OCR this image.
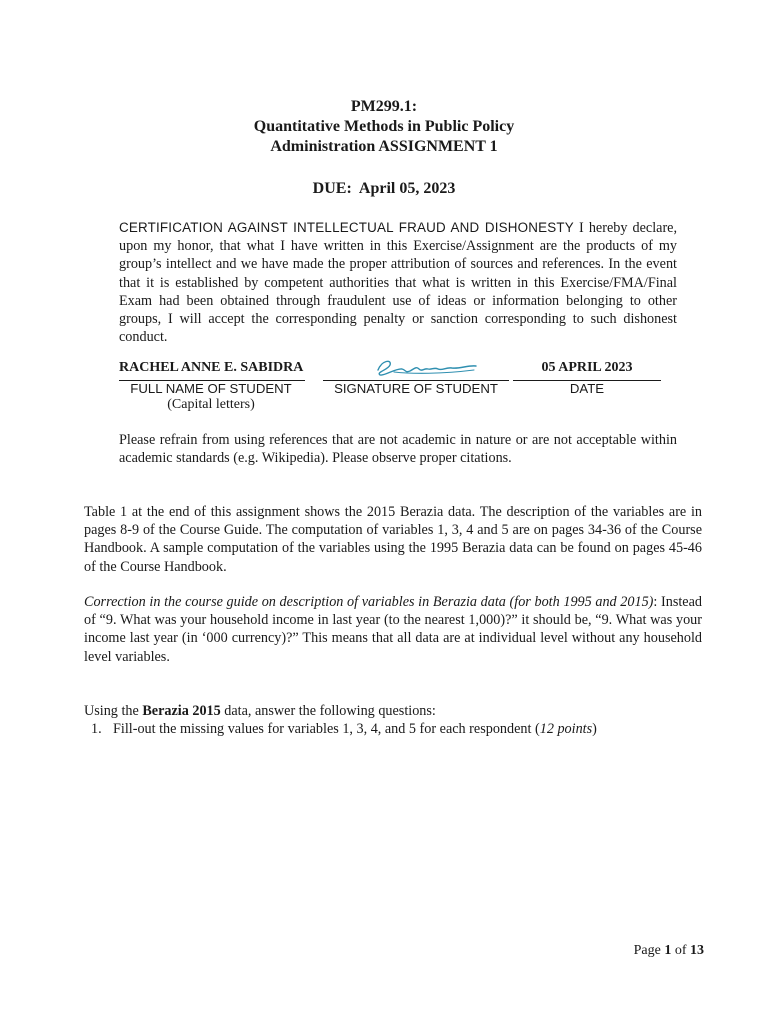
PM299.1:
Quantitative Methods in Public Policy
Administration ASSIGNMENT 1
DUE: April 05, 2023

CERTIFICATION AGAINST INTELLECTUAL FRAUD AND DISHONESTY I hereby declare, upon my honor, that what I have written in this Exercise/Assignment are the products of my group’s intellect and we have made the proper attribution of sources and references. In the event that it is established by competent authorities that what is written in this Exercise/FMA/Final Exam had been obtained through fraudulent use of ideas or information belonging to other groups, I will accept the corresponding penalty or sanction corresponding to such dishonest conduct.

RACHEL ANNE E. SABIDRA	05 APRIL 2023
FULL NAME OF STUDENT
(Capital letters)
SIGNATURE OF STUDENT	DATE

Please refrain from using references that are not academic in nature or are not acceptable within academic standards (e.g. Wikipedia). Please observe proper citations.

Table 1 at the end of this assignment shows the 2015 Berazia data. The description of the variables are in pages 8-9 of the Course Guide. The computation of variables 1, 3, 4 and 5 are on pages 34-36 of the Course Handbook. A sample computation of the variables using the 1995 Berazia data can be found on pages 45-46 of the Course Handbook.

Correction in the course guide on description of variables in Berazia data (for both 1995 and 2015): Instead of “9. What was your household income in last year (to the nearest 1,000)?” it should be, “9. What was your income last year (in ‘000 currency)?” This means that all data are at individual level without any household level variables.

Using the Berazia 2015 data, answer the following questions:
1. Fill-out the missing values for variables 1, 3, 4, and 5 for each respondent (12 points)
Page 1 of 13
